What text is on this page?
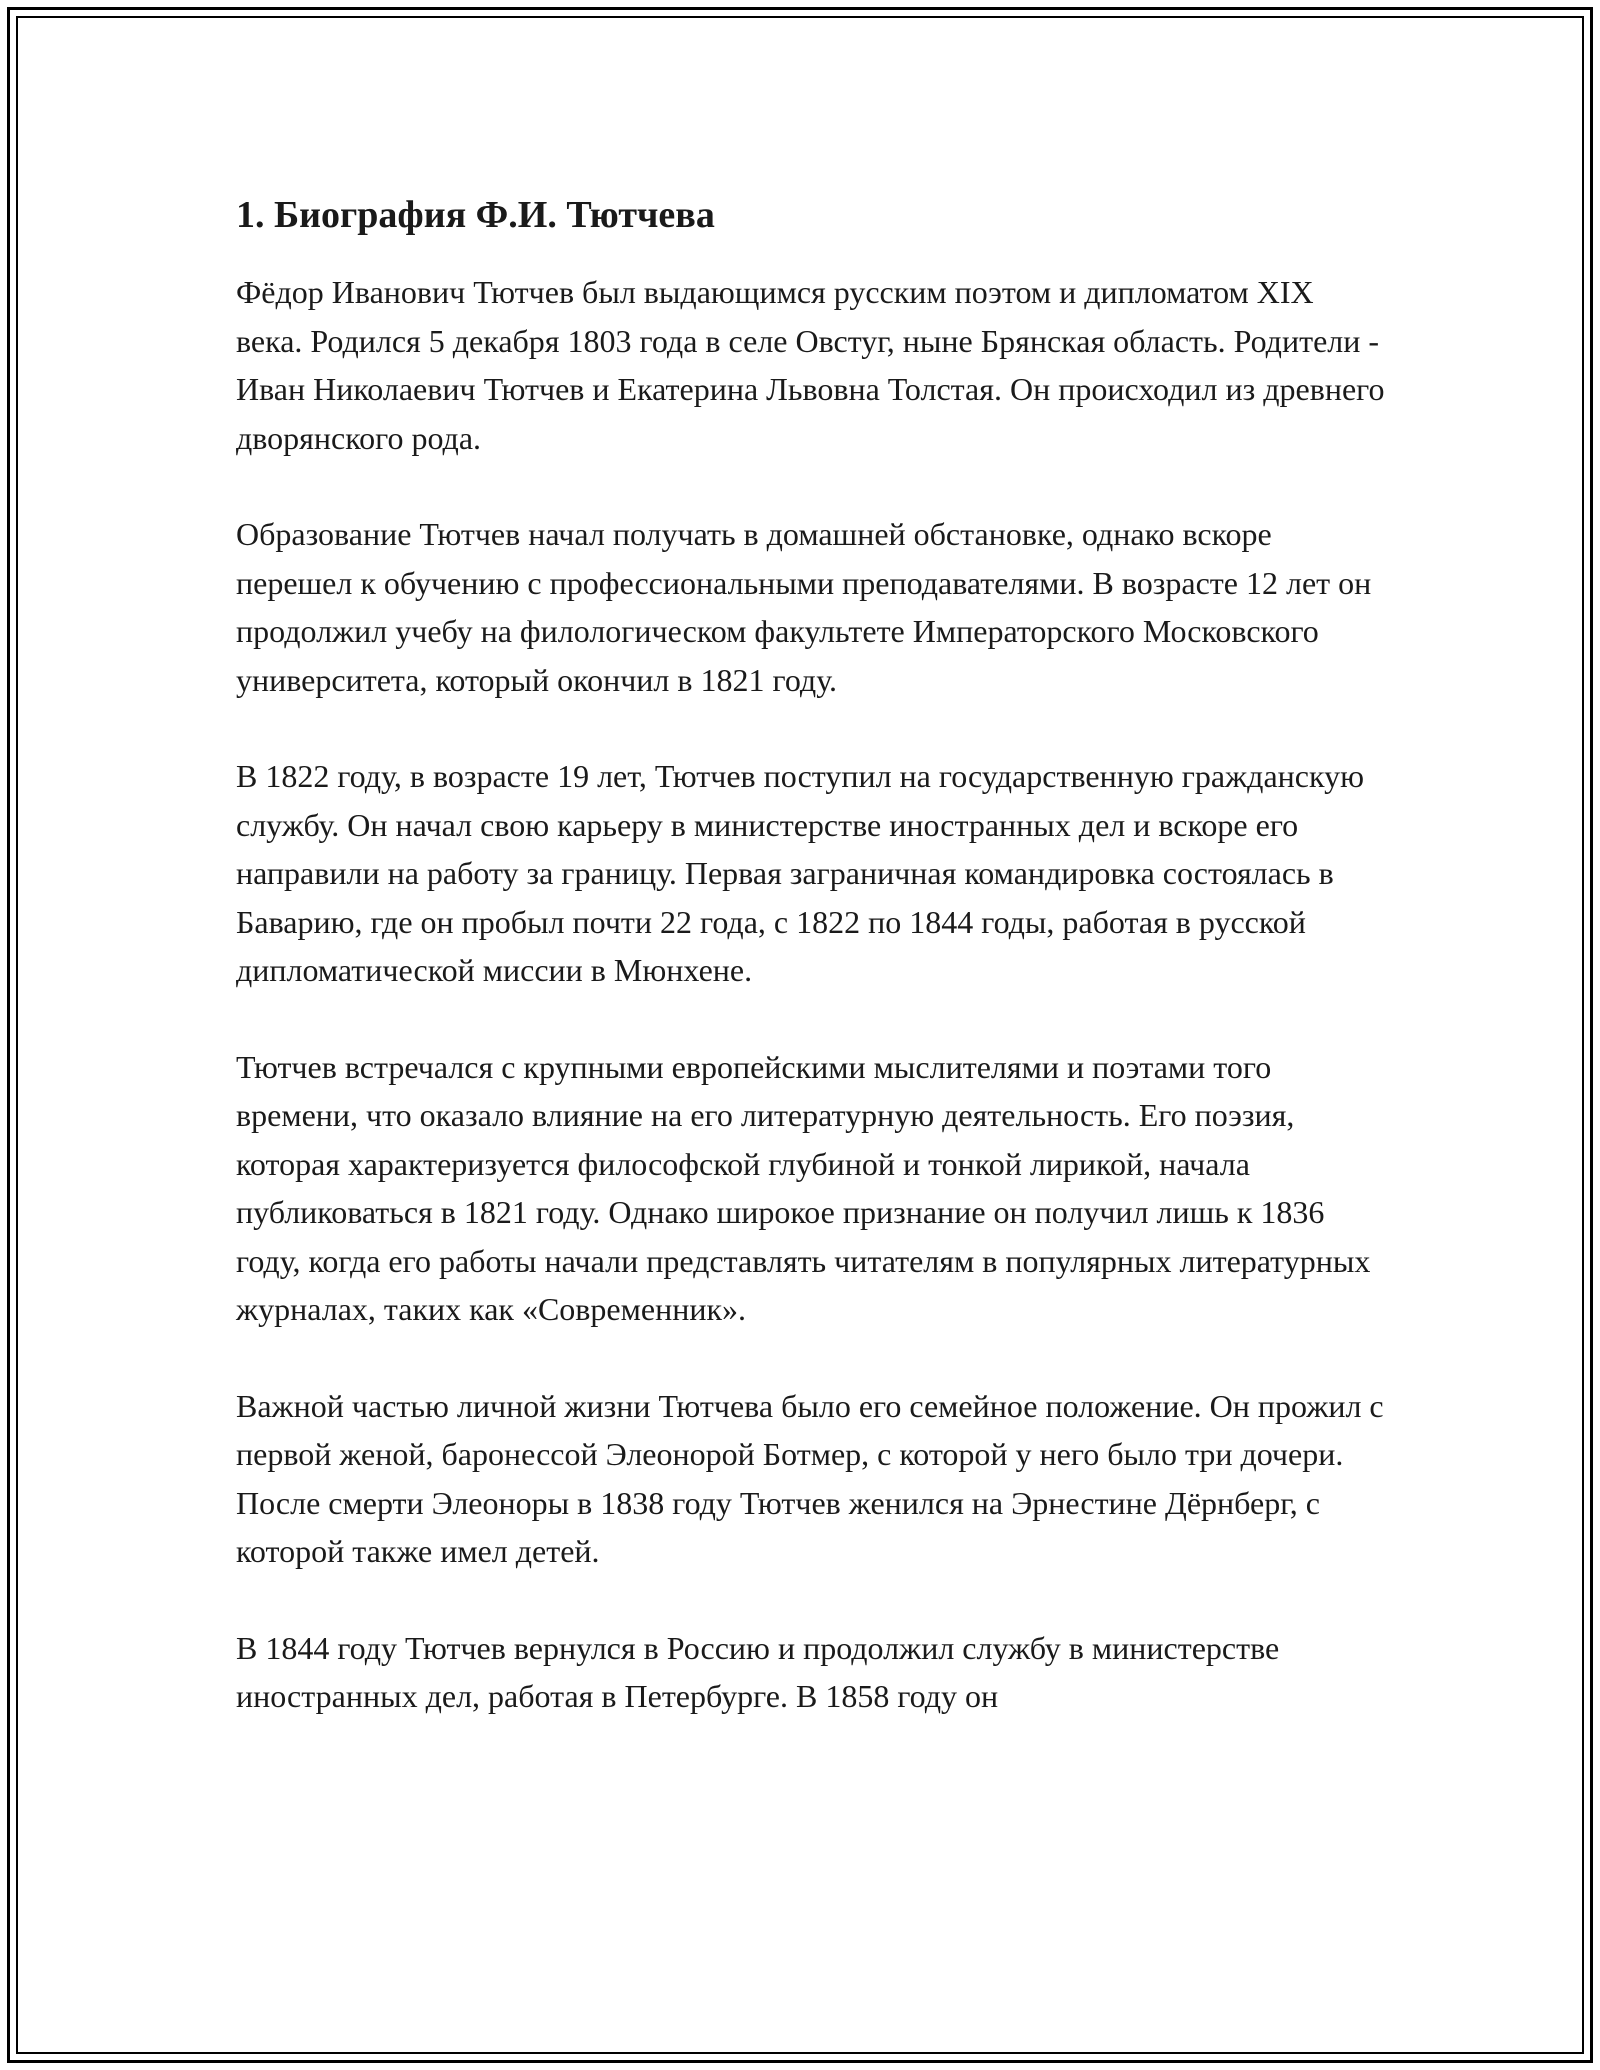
1. Биография Ф.И. Тютчева

Фёдор Иванович Тютчев был выдающимся русским поэтом и дипломатом XIX века. Родился 5 декабря 1803 года в селе Овстуг, ныне Брянская область. Родители - Иван Николаевич Тютчев и Екатерина Львовна Толстая. Он происходил из древнего дворянского рода.

Образование Тютчев начал получать в домашней обстановке, однако вскоре перешел к обучению с профессиональными преподавателями. В возрасте 12 лет он продолжил учебу на филологическом факультете Императорского Московского университета, который окончил в 1821 году.

В 1822 году, в возрасте 19 лет, Тютчев поступил на государственную гражданскую службу. Он начал свою карьеру в министерстве иностранных дел и вскоре его направили на работу за границу. Первая заграничная командировка состоялась в Баварию, где он пробыл почти 22 года, с 1822 по 1844 годы, работая в русской дипломатической миссии в Мюнхене.

Тютчев встречался с крупными европейскими мыслителями и поэтами того времени, что оказало влияние на его литературную деятельность. Его поэзия, которая характеризуется философской глубиной и тонкой лирикой, начала публиковаться в 1821 году. Однако широкое признание он получил лишь к 1836 году, когда его работы начали представлять читателям в популярных литературных журналах, таких как «Современник».

Важной частью личной жизни Тютчева было его семейное положение. Он прожил с первой женой, баронессой Элеонорой Ботмер, с которой у него было три дочери. После смерти Элеоноры в 1838 году Тютчев женился на Эрнестине Дёрнберг, с которой также имел детей.

В 1844 году Тютчев вернулся в Россию и продолжил службу в министерстве иностранных дел, работая в Петербурге. В 1858 году он
